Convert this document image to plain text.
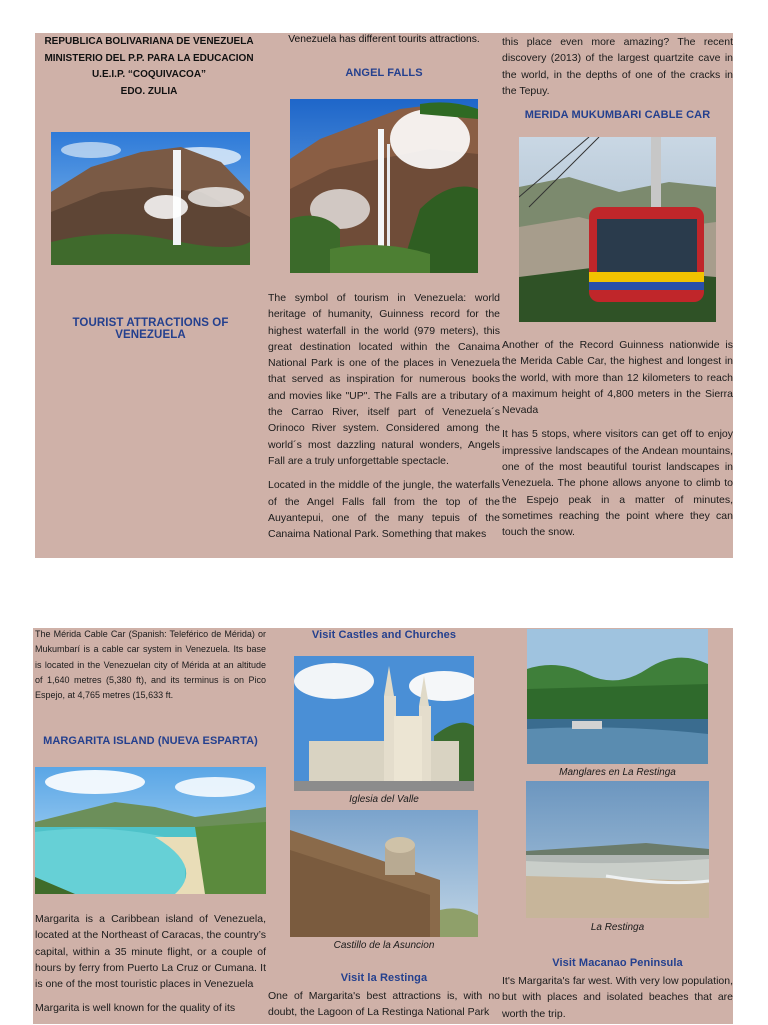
REPUBLICA BOLIVARIANA DE VENEZUELA
MINISTERIO DEL P.P. PARA LA EDUCACION
U.E.I.P. “COQUIVACOA”
EDO. ZULIA
TOURIST ATTRACTIONS OF VENEZUELA
Venezuela has different tourits attractions.
ANGEL FALLS

The symbol of tourism in Venezuela: world heritage of humanity, Guinness record for the highest waterfall in the world (979 meters), this great destination located within the Canaima National Park is one of the places in Venezuela that served as inspiration for numerous books and movies like "UP". The Falls are a tributary of the Carrao River, itself part of Venezuela´s Orinoco River system. Considered among the world´s most dazzling natural wonders, Angels Fall are a truly unforgettable spectacle.

Located in the middle of the jungle, the waterfalls of the Angel Falls fall from the top of the Auyantepui, one of the many tepuis of the Canaima National Park. Something that makes

this place even more amazing? The recent discovery (2013) of the largest quartzite cave in the world, in the depths of one of the cracks in the Tepuy.
MERIDA MUKUMBARI CABLE CAR

Another of the Record Guinness nationwide is the Merida Cable Car, the highest and longest in the world, with more than 12 kilometers to reach a maximum height of 4,800 meters in the Sierra Nevada

It has 5 stops, where visitors can get off to enjoy impressive landscapes of the Andean mountains, one of the most beautiful tourist landscapes in Venezuela. The phone allows anyone to climb to the Espejo peak in a matter of minutes, sometimes reaching the point where they can touch the snow.

The Mérida Cable Car (Spanish: Teleférico de Mérida) or Mukumbarí is a cable car system in Venezuela. Its base is located in the Venezuelan city of Mérida at an altitude of 1,640 metres (5,380 ft), and its terminus is on Pico Espejo, at 4,765 metres (15,633 ft.
MARGARITA ISLAND (NUEVA ESPARTA)

Margarita is a Caribbean island of Venezuela, located at the Northeast of Caracas, the country’s capital, within a 35 minute flight, or a couple of hours by ferry from Puerto La Cruz or Cumana. It is one of the most touristic places in Venezuela

Margarita is well known for the quality of its

Visit Castles and Churches
Iglesia del Valle
Castillo de la Asuncion
Visit la Restinga
One of Margarita's best attractions is, with no doubt, the Lagoon of La Restinga National Park
Manglares en La Restinga
La Restinga
Visit Macanao Peninsula
It's Margarita's far west. With very low population, but with places and isolated beaches that are worth the trip.
